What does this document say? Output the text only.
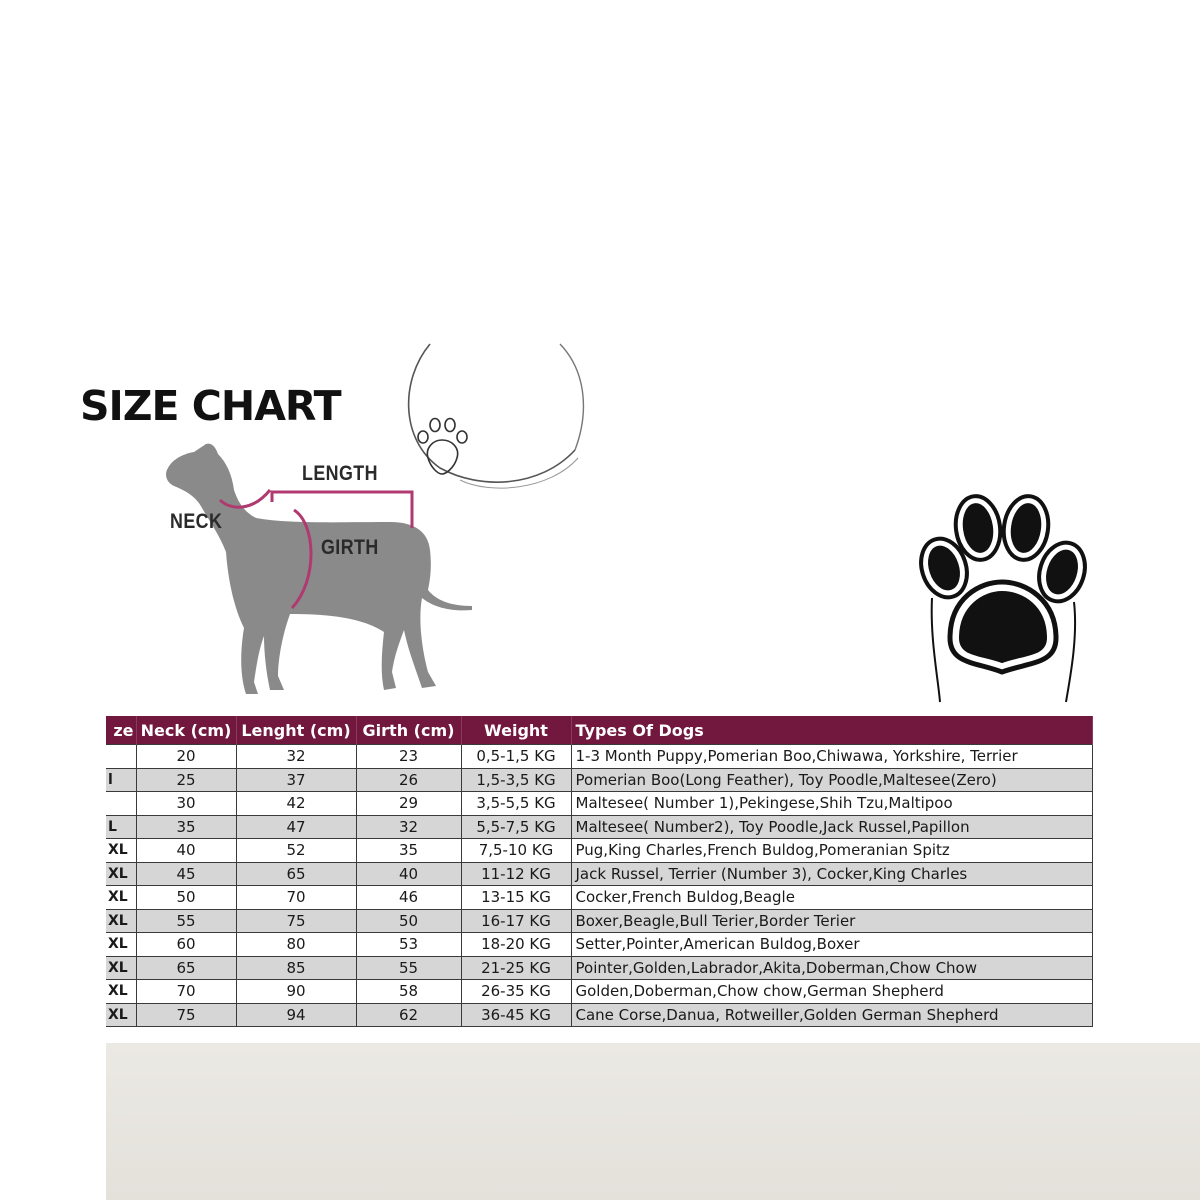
SIZE CHART
LENGTH
NECK
GIRTH
ze	Neck (cm)	Lenght (cm)	Girth (cm)	Weight	Types Of Dogs
	20	32	23	0,5-1,5 KG	1-3 Month Puppy,Pomerian Boo,Chiwawa, Yorkshire, Terrier
l	25	37	26	1,5-3,5 KG	Pomerian Boo(Long Feather), Toy Poodle,Maltesee(Zero)
	30	42	29	3,5-5,5 KG	Maltesee( Number 1),Pekingese,Shih Tzu,Maltipoo
L	35	47	32	5,5-7,5 KG	Maltesee( Number2), Toy Poodle,Jack Russel,Papillon
XL	40	52	35	7,5-10 KG	Pug,King Charles,French Buldog,Pomeranian Spitz
XL	45	65	40	11-12 KG	Jack Russel, Terrier (Number 3), Cocker,King Charles
XL	50	70	46	13-15 KG	Cocker,French Buldog,Beagle
XL	55	75	50	16-17 KG	Boxer,Beagle,Bull Terier,Border Terier
XL	60	80	53	18-20 KG	Setter,Pointer,American Buldog,Boxer
XL	65	85	55	21-25 KG	Pointer,Golden,Labrador,Akita,Doberman,Chow Chow
XL	70	90	58	26-35 KG	Golden,Doberman,Chow chow,German Shepherd
XL	75	94	62	36-45 KG	Cane Corse,Danua, Rotweiller,Golden German Shepherd
